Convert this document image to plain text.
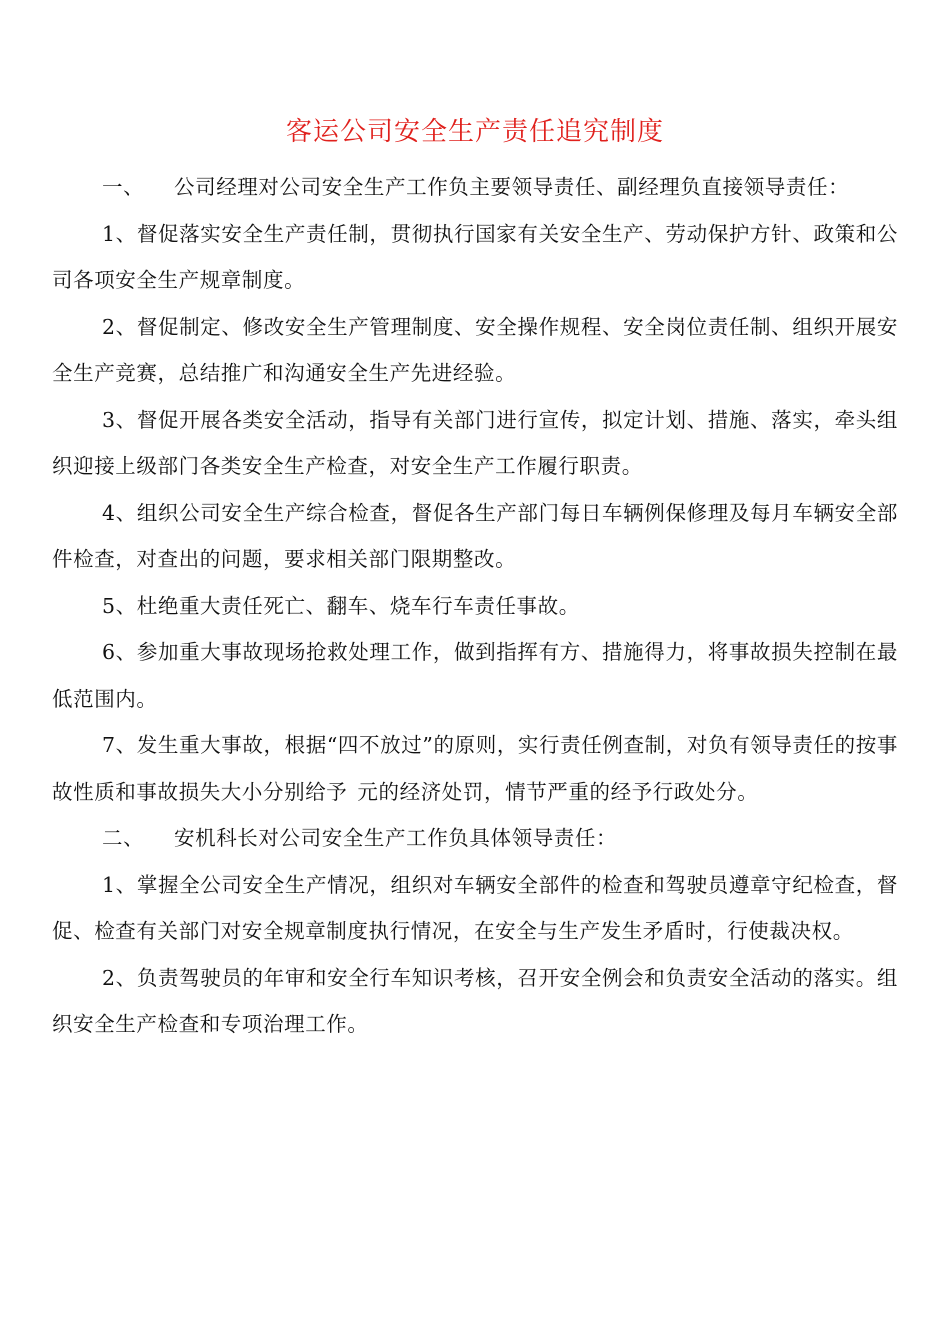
客运公司安全生产责任追究制度

一、 公司经理对公司安全生产工作负主要领导责任、副经理负直接领导责任：

1、督促落实安全生产责任制，贯彻执行国家有关安全生产、劳动保护方针、政策和公司各项安全生产规章制度。

2、督促制定、修改安全生产管理制度、安全操作规程、安全岗位责任制、组织开展安全生产竞赛，总结推广和沟通安全生产先进经验。

3、督促开展各类安全活动，指导有关部门进行宣传，拟定计划、措施、落实，牵头组织迎接上级部门各类安全生产检查，对安全生产工作履行职责。

4、组织公司安全生产综合检查，督促各生产部门每日车辆例保修理及每月车辆安全部件检查，对查出的问题，要求相关部门限期整改。

5、杜绝重大责任死亡、翻车、烧车行车责任事故。

6、参加重大事故现场抢救处理工作，做到指挥有方、措施得力，将事故损失控制在最低范围内。

7、发生重大事故，根据“四不放过”的原则，实行责任例查制，对负有领导责任的按事故性质和事故损失大小分别给予 元的经济处罚，情节严重的经予行政处分。

二、 安机科长对公司安全生产工作负具体领导责任：

1、掌握全公司安全生产情况，组织对车辆安全部件的检查和驾驶员遵章守纪检查，督促、检查有关部门对安全规章制度执行情况，在安全与生产发生矛盾时，行使裁决权。

2、负责驾驶员的年审和安全行车知识考核，召开安全例会和负责安全活动的落实。组织安全生产检查和专项治理工作。
